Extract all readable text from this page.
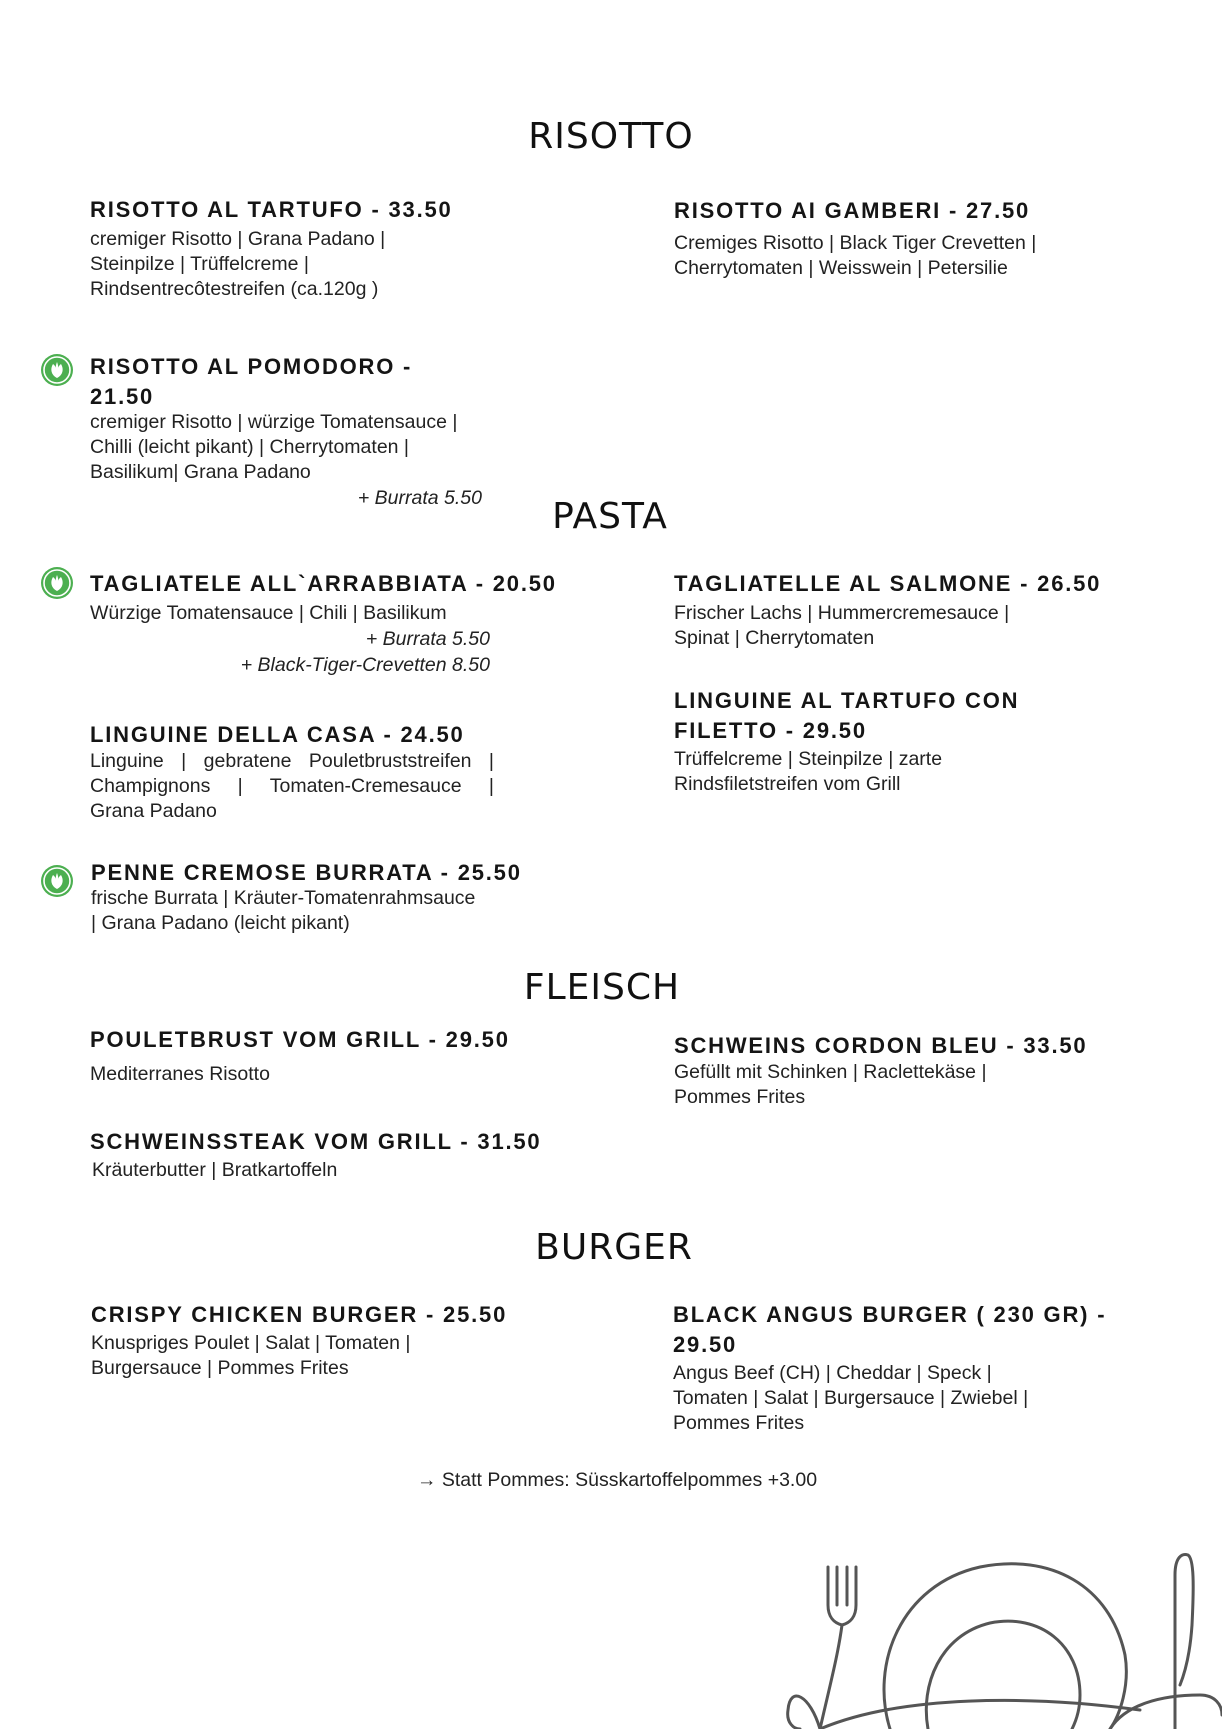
RISOTTO
PASTA
FLEISCH
BURGER
RISOTTO AL TARTUFO - 33.50
cremiger Risotto | Grana Padano |
Steinpilze | Trüffelcreme |
Rindsentrecôtestreifen (ca.120g )
RISOTTO AI GAMBERI - 27.50
Cremiges Risotto | Black Tiger Crevetten |
Cherrytomaten | Weisswein | Petersilie
RISOTTO AL POMODORO - 21.50
cremiger Risotto | würzige Tomatensauce |
Chilli (leicht pikant) | Cherrytomaten |
Basilikum| Grana Padano
+ Burrata 5.50
TAGLIATELE ALL`ARRABBIATA - 20.50
Würzige Tomatensauce | Chili | Basilikum
+ Burrata 5.50
+ Black-Tiger-Crevetten 8.50
TAGLIATELLE AL SALMONE - 26.50
Frischer Lachs | Hummercremesauce |
Spinat | Cherrytomaten
LINGUINE AL TARTUFO CON
FILETTO - 29.50
Trüffelcreme | Steinpilze | zarte
Rindsfiletstreifen vom Grill
LINGUINE DELLA CASA - 24.50
Linguine | gebratene Pouletbruststreifen |
Champignons | Tomaten-Cremesauce |
Grana Padano
PENNE CREMOSE BURRATA - 25.50
frische Burrata | Kräuter-Tomatenrahmsauce
| Grana Padano (leicht pikant)
POULETBRUST VOM GRILL - 29.50
Mediterranes Risotto
SCHWEINS CORDON BLEU - 33.50
Gefüllt mit Schinken | Raclettekäse |
Pommes Frites
SCHWEINSSTEAK VOM GRILL - 31.50
Kräuterbutter | Bratkartoffeln
CRISPY CHICKEN BURGER - 25.50
Knuspriges Poulet | Salat | Tomaten |
Burgersauce | Pommes Frites
BLACK ANGUS BURGER ( 230 GR) -
29.50
Angus Beef (CH) | Cheddar | Speck |
Tomaten | Salat | Burgersauce | Zwiebel |
Pommes Frites
→ Statt Pommes: Süsskartoffelpommes +3.00
